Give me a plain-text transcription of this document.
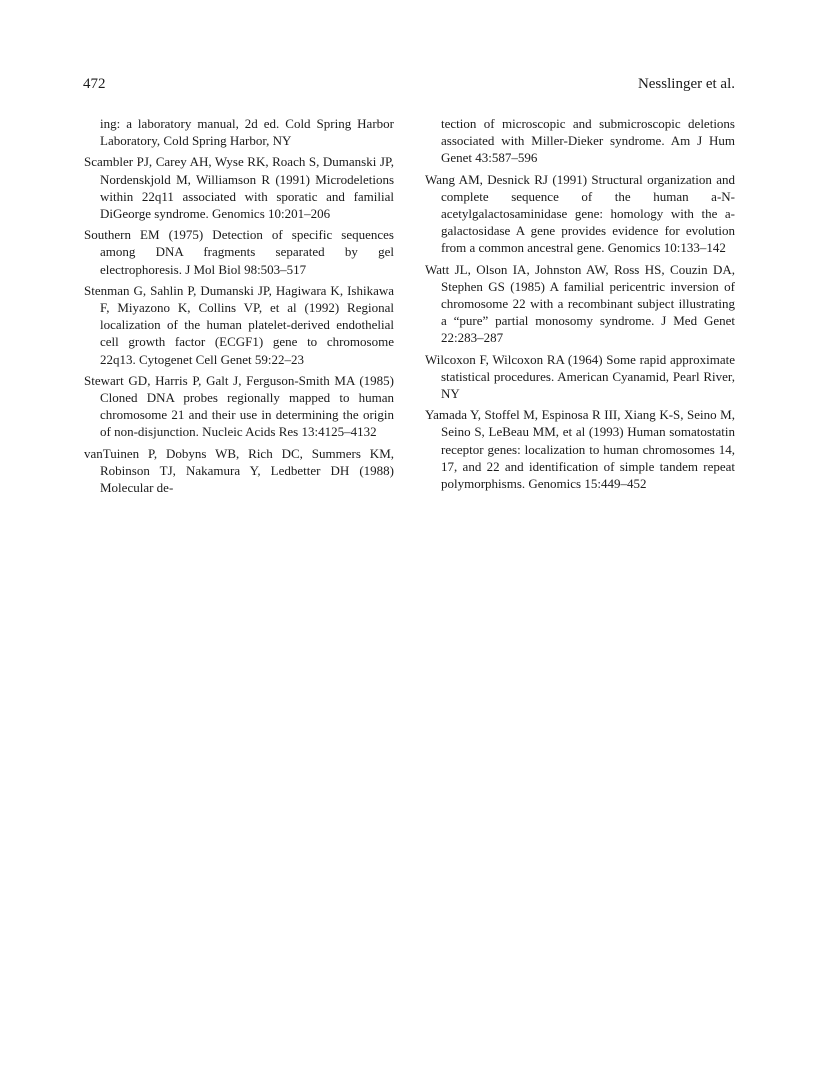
472	Nesslinger et al.

ing: a laboratory manual, 2d ed. Cold Spring Harbor Laboratory, Cold Spring Harbor, NY

Scambler PJ, Carey AH, Wyse RK, Roach S, Dumanski JP, Nordenskjold M, Williamson R (1991) Microdeletions within 22q11 associated with sporatic and familial DiGeorge syndrome. Genomics 10:201–206

Southern EM (1975) Detection of specific sequences among DNA fragments separated by gel electrophoresis. J Mol Biol 98:503–517

Stenman G, Sahlin P, Dumanski JP, Hagiwara K, Ishikawa F, Miyazono K, Collins VP, et al (1992) Regional localization of the human platelet-derived endothelial cell growth factor (ECGF1) gene to chromosome 22q13. Cytogenet Cell Genet 59:22–23

Stewart GD, Harris P, Galt J, Ferguson-Smith MA (1985) Cloned DNA probes regionally mapped to human chromosome 21 and their use in determining the origin of non-disjunction. Nucleic Acids Res 13:4125–4132

vanTuinen P, Dobyns WB, Rich DC, Summers KM, Robinson TJ, Nakamura Y, Ledbetter DH (1988) Molecular de-

tection of microscopic and submicroscopic deletions associated with Miller-Dieker syndrome. Am J Hum Genet 43:587–596

Wang AM, Desnick RJ (1991) Structural organization and complete sequence of the human a-N-acetylgalactosaminidase gene: homology with the a-galactosidase A gene provides evidence for evolution from a common ancestral gene. Genomics 10:133–142

Watt JL, Olson IA, Johnston AW, Ross HS, Couzin DA, Stephen GS (1985) A familial pericentric inversion of chromosome 22 with a recombinant subject illustrating a “pure” partial monosomy syndrome. J Med Genet 22:283–287

Wilcoxon F, Wilcoxon RA (1964) Some rapid approximate statistical procedures. American Cyanamid, Pearl River, NY

Yamada Y, Stoffel M, Espinosa R III, Xiang K-S, Seino M, Seino S, LeBeau MM, et al (1993) Human somatostatin receptor genes: localization to human chromosomes 14, 17, and 22 and identification of simple tandem repeat polymorphisms. Genomics 15:449–452
